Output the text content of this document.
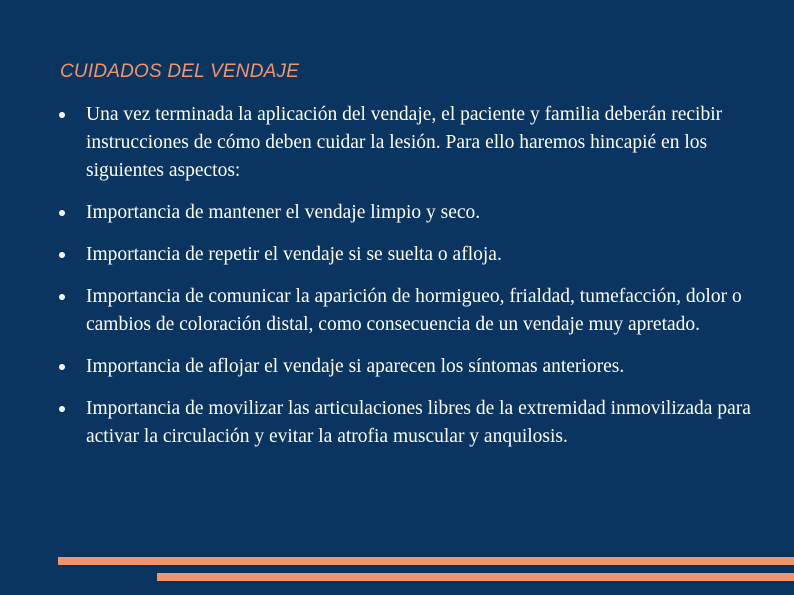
CUIDADOS DEL VENDAJE
Una vez terminada la aplicación del vendaje, el paciente y familia deberán recibir instrucciones de cómo deben cuidar la lesión. Para ello haremos hincapié en los siguientes aspectos:
Importancia de mantener el vendaje limpio y seco.
Importancia de repetir el vendaje si se suelta o afloja.
Importancia de comunicar la aparición de hormigueo, frialdad, tumefacción, dolor o cambios de coloración distal, como consecuencia de un vendaje muy apretado.
Importancia de aflojar el vendaje si aparecen los síntomas anteriores.
Importancia de movilizar las articulaciones libres de la extremidad inmovilizada para activar la circulación y evitar la atrofia muscular y anquilosis.
